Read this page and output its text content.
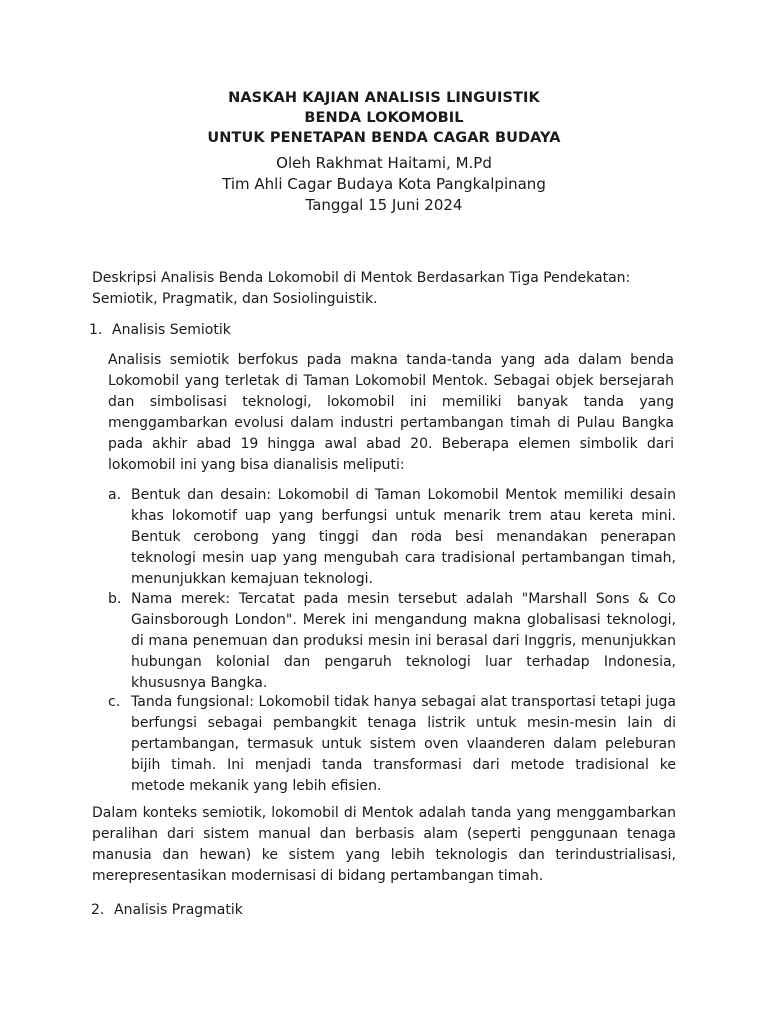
NASKAH KAJIAN ANALISIS LINGUISTIK
BENDA LOKOMOBIL
UNTUK PENETAPAN BENDA CAGAR BUDAYA
Oleh Rakhmat Haitami, M.Pd
Tim Ahli Cagar Budaya Kota Pangkalpinang
Tanggal 15 Juni 2024

Deskripsi Analisis Benda Lokomobil di Mentok Berdasarkan Tiga Pendekatan: Semiotik, Pragmatik, dan Sosiolinguistik.

1. Analisis Semiotik

Analisis semiotik berfokus pada makna tanda-tanda yang ada dalam benda Lokomobil yang terletak di Taman Lokomobil Mentok. Sebagai objek bersejarah dan simbolisasi teknologi, lokomobil ini memiliki banyak tanda yang menggambarkan evolusi dalam industri pertambangan timah di Pulau Bangka pada akhir abad 19 hingga awal abad 20. Beberapa elemen simbolik dari lokomobil ini yang bisa dianalisis meliputi:

a. Bentuk dan desain: Lokomobil di Taman Lokomobil Mentok memiliki desain khas lokomotif uap yang berfungsi untuk menarik trem atau kereta mini. Bentuk cerobong yang tinggi dan roda besi menandakan penerapan teknologi mesin uap yang mengubah cara tradisional pertambangan timah, menunjukkan kemajuan teknologi.

b. Nama merek: Tercatat pada mesin tersebut adalah "Marshall Sons & Co Gainsborough London". Merek ini mengandung makna globalisasi teknologi, di mana penemuan dan produksi mesin ini berasal dari Inggris, menunjukkan hubungan kolonial dan pengaruh teknologi luar terhadap Indonesia, khususnya Bangka.

c. Tanda fungsional: Lokomobil tidak hanya sebagai alat transportasi tetapi juga berfungsi sebagai pembangkit tenaga listrik untuk mesin-mesin lain di pertambangan, termasuk untuk sistem oven vlaanderen dalam peleburan bijih timah. Ini menjadi tanda transformasi dari metode tradisional ke metode mekanik yang lebih efisien.

Dalam konteks semiotik, lokomobil di Mentok adalah tanda yang menggambarkan peralihan dari sistem manual dan berbasis alam (seperti penggunaan tenaga manusia dan hewan) ke sistem yang lebih teknologis dan terindustrialisasi, merepresentasikan modernisasi di bidang pertambangan timah.

2. Analisis Pragmatik
